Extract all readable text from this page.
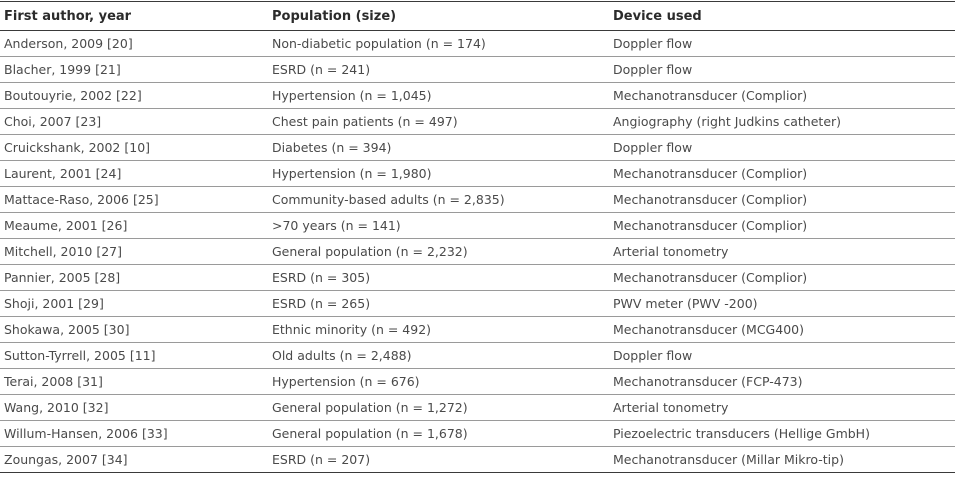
First author, year	Population (size)	Device used
Anderson, 2009 [20]	Non-diabetic population (n = 174)	Doppler flow
Blacher, 1999 [21]	ESRD (n = 241)	Doppler flow
Boutouyrie, 2002 [22]	Hypertension (n = 1,045)	Mechanotransducer (Complior)
Choi, 2007 [23]	Chest pain patients (n = 497)	Angiography (right Judkins catheter)
Cruickshank, 2002 [10]	Diabetes (n = 394)	Doppler flow
Laurent, 2001 [24]	Hypertension (n = 1,980)	Mechanotransducer (Complior)
Mattace-Raso, 2006 [25]	Community-based adults (n = 2,835)	Mechanotransducer (Complior)
Meaume, 2001 [26]	>70 years (n = 141)	Mechanotransducer (Complior)
Mitchell, 2010 [27]	General population (n = 2,232)	Arterial tonometry
Pannier, 2005 [28]	ESRD (n = 305)	Mechanotransducer (Complior)
Shoji, 2001 [29]	ESRD (n = 265)	PWV meter (PWV -200)
Shokawa, 2005 [30]	Ethnic minority (n = 492)	Mechanotransducer (MCG400)
Sutton-Tyrrell, 2005 [11]	Old adults (n = 2,488)	Doppler flow
Terai, 2008 [31]	Hypertension (n = 676)	Mechanotransducer (FCP-473)
Wang, 2010 [32]	General population (n = 1,272)	Arterial tonometry
Willum-Hansen, 2006 [33]	General population (n = 1,678)	Piezoelectric transducers (Hellige GmbH)
Zoungas, 2007 [34]	ESRD (n = 207)	Mechanotransducer (Millar Mikro-tip)
